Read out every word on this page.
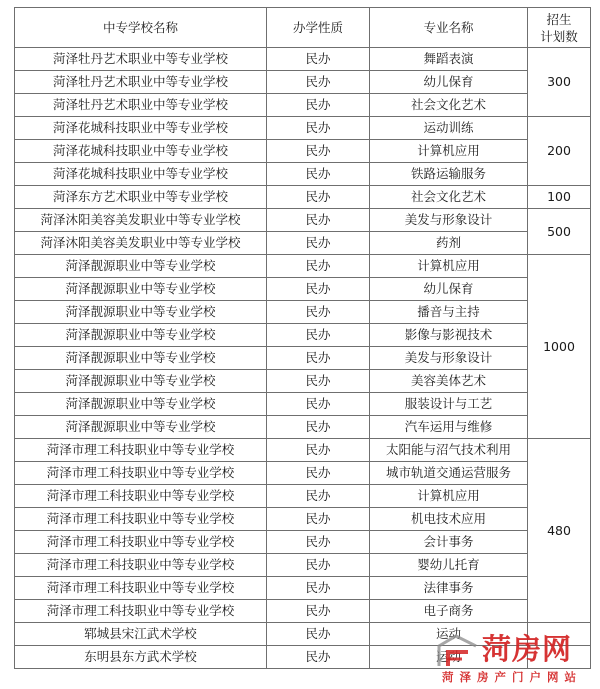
中专学校名称	办学性质	专业名称	招生
计划数
菏泽牡丹艺术职业中等专业学校	民办	舞蹈表演	300
菏泽牡丹艺术职业中等专业学校	民办	幼儿保育	
菏泽牡丹艺术职业中等专业学校	民办	社会文化艺术	
菏泽花城科技职业中等专业学校	民办	运动训练	200
菏泽花城科技职业中等专业学校	民办	计算机应用	
菏泽花城科技职业中等专业学校	民办	铁路运输服务	
菏泽东方艺术职业中等专业学校	民办	社会文化艺术	100
菏泽沐阳美容美发职业中等专业学校	民办	美发与形象设计	500
菏泽沐阳美容美发职业中等专业学校	民办	药剂	
菏泽靓源职业中等专业学校	民办	计算机应用	1000
菏泽靓源职业中等专业学校	民办	幼儿保育	
菏泽靓源职业中等专业学校	民办	播音与主持	
菏泽靓源职业中等专业学校	民办	影像与影视技术	
菏泽靓源职业中等专业学校	民办	美发与形象设计	
菏泽靓源职业中等专业学校	民办	美容美体艺术	
菏泽靓源职业中等专业学校	民办	服装设计与工艺	
菏泽靓源职业中等专业学校	民办	汽车运用与维修	
菏泽市理工科技职业中等专业学校	民办	太阳能与沼气技术利用	480
菏泽市理工科技职业中等专业学校	民办	城市轨道交通运营服务	
菏泽市理工科技职业中等专业学校	民办	计算机应用	
菏泽市理工科技职业中等专业学校	民办	机电技术应用	
菏泽市理工科技职业中等专业学校	民办	会计事务	
菏泽市理工科技职业中等专业学校	民办	婴幼儿托育	
菏泽市理工科技职业中等专业学校	民办	法律事务	
菏泽市理工科技职业中等专业学校	民办	电子商务	
郓城县宋江武术学校	民办	运动	
东明县东方武术学校	民办	运动	菏房网
菏泽房产门户网站
